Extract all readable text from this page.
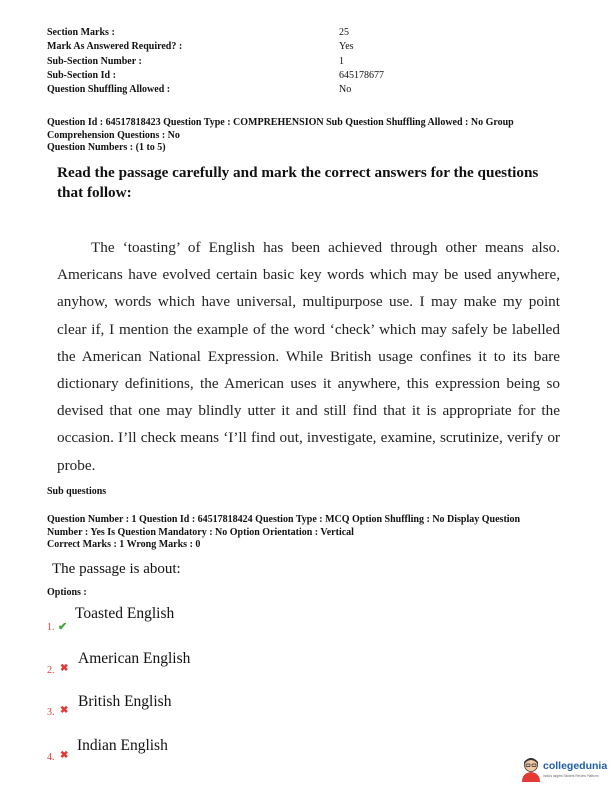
Section Marks :
Mark As Answered Required? :
Sub-Section Number :
Sub-Section Id :
Question Shuffling Allowed :
25
Yes
1
645178677
No
Question Id : 64517818423 Question Type : COMPREHENSION Sub Question Shuffling Allowed : No Group
Comprehension Questions : No
Question Numbers : (1 to 5)
Read the passage carefully and mark the correct answers for the questions
that follow:

The ‘toasting’ of English has been achieved through other means also. Americans have evolved certain basic key words which may be used anywhere, anyhow, words which have universal, multipurpose use. I may make my point clear if, I mention the example of the word ‘check’ which may safely be labelled the American National Expression. While British usage confines it to its bare dictionary definitions, the American uses it anywhere, this expression being so devised that one may blindly utter it and still find that it is appropriate for the occasion. I’ll check means ‘I’ll find out, investigate, examine, scrutinize, verify or probe.

Sub questions
Question Number : 1 Question Id : 64517818424 Question Type : MCQ Option Shuffling : No Display Question
Number : Yes Is Question Mandatory : No Option Orientation : Vertical
Correct Marks : 1 Wrong Marks : 0
The passage is about:
Options :
1. ✔
Toasted English
2. ✖
American English
3. ✖
British English
4. ✖
Indian English
collegedunia
India's largest Student Review Platform
